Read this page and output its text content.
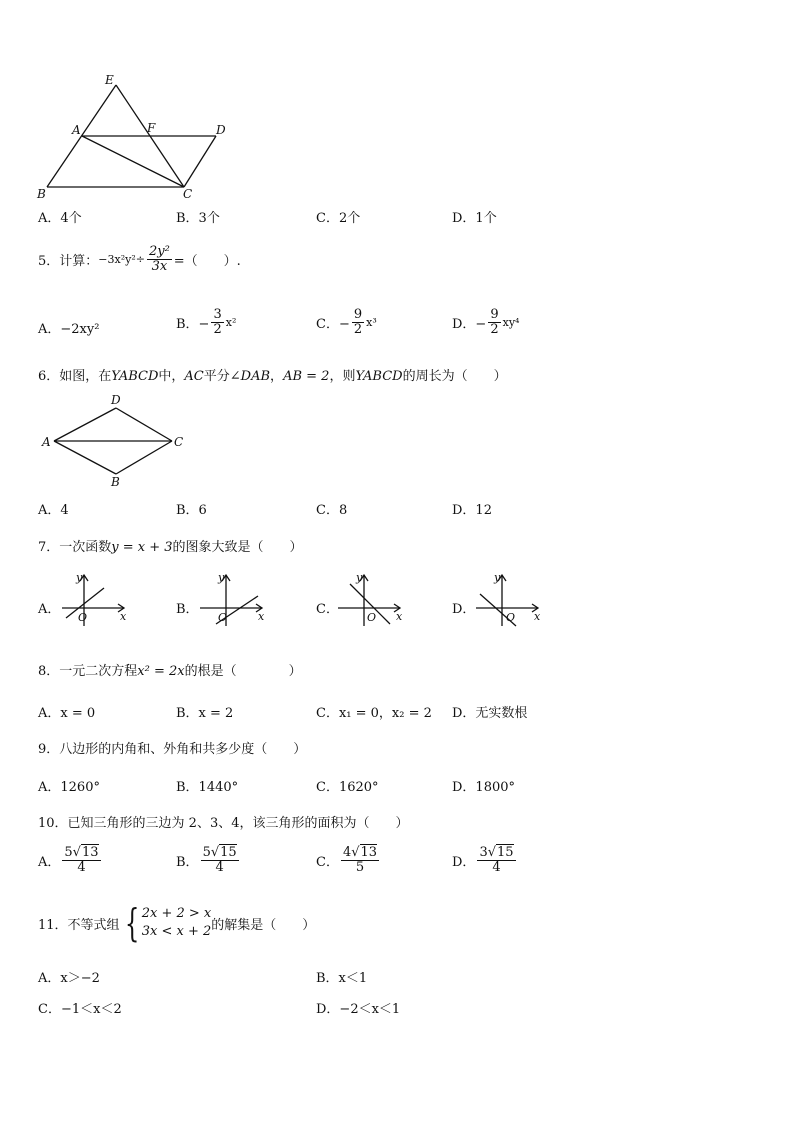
E
A	F	D
B	C
A．4个	B．3个	C．2个	D．1个
5．计算： $-3x^2y^2\div \frac{\text{2y²}}{3x}$ =（　　）.
A．−2xy²	B．− $\frac{3}{2} x^2$	C．− $\frac{9}{2} x^3$	D．− $\frac{9}{2} xy^4$
6．如图，在YABCD中，AC平分∠DAB，AB = 2，则YABCD的周长为（　　）
D
A	C
B
A．4	B．6	C．8	D．12
7．一次函数y = x + 3的图象大致是（　　）
A．	B．	C．	D．
y
x
O
y
x
O
y
x
O
y
x
O
8．一元二次方程x² = 2x的根是（　　　　）
A．x = 0	B．x = 2	C．x₁ = 0，x₂ = 2 D．无实数根
9．八边形的内角和、外角和共多少度（　　）
A．1260°	B．1440°	C．1620°	D．1800°
10．已知三角形的三边为 2、3、4，该三角形的面积为（　　）
A． $\frac{5√13}{4}$	B． $\frac{5√15}{4}$	C． $\frac{4√13}{5}$	D． $\frac{3√15}{4}$
11．不等式组 { 2x + 2 > x
3x < x + 2 的解集是（　　）
A．x＞−2	B．x＜1
C．−1＜x＜2	D．−2＜x＜1
